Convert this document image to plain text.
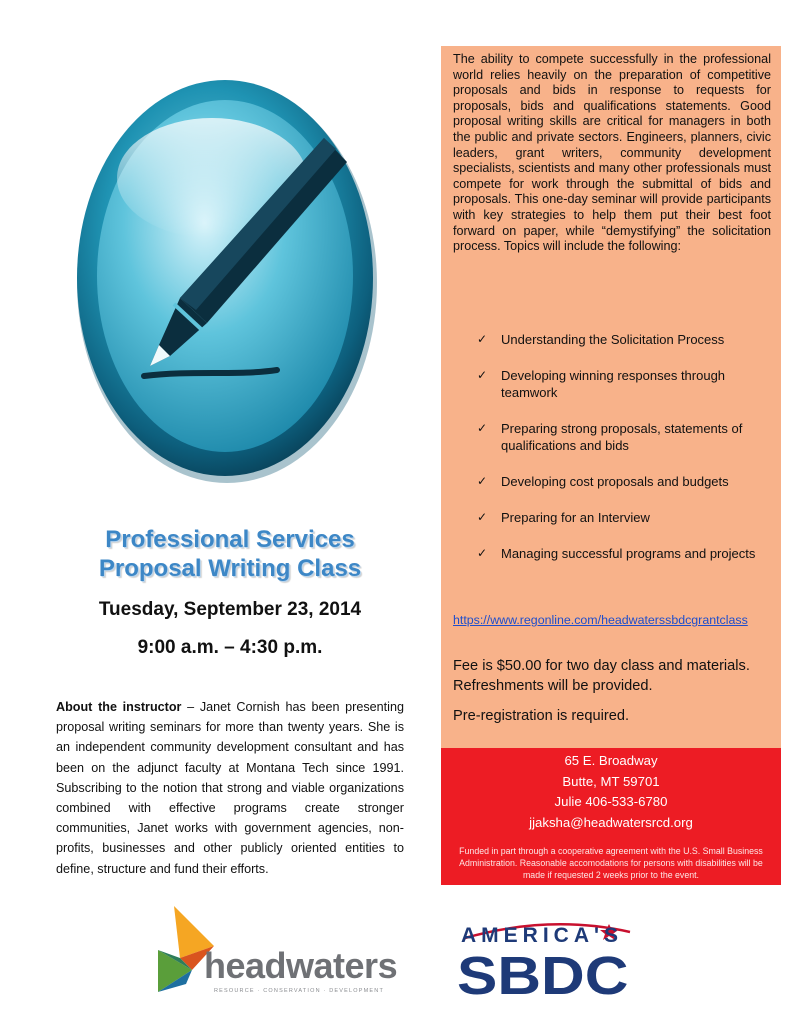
Professional Services
Proposal Writing Class

Tuesday, September 23, 2014

9:00 a.m. – 4:30 p.m.

About the instructor – Janet Cornish has been presenting proposal writing seminars for more than twenty years. She is an independent community development consultant and has been on the adjunct faculty at Montana Tech since 1991. Subscribing to the notion that strong and viable organizations combined with effective programs create stronger communities, Janet works with government agencies, non-profits, businesses and other publicly oriented entities to define, structure and fund their efforts.

The ability to compete successfully in the professional world relies heavily on the preparation of competitive proposals and bids in response to requests for proposals, bids and qualifications statements. Good proposal writing skills are critical for managers in both the public and private sectors. Engineers, planners, civic leaders, grant writers, community development specialists, scientists and many other professionals must compete for work through the submittal of bids and proposals. This one-day seminar will provide participants with key strategies to help them put their best foot forward on paper, while “demystifying” the solicitation process. Topics will include the following:

✓ Understanding the Solicitation Process
✓ Developing winning responses through teamwork
✓ Preparing strong proposals, statements of qualifications and bids
✓ Developing cost proposals and budgets
✓ Preparing for an Interview
✓ Managing successful programs and projects
https://www.regonline.com/headwaterssbdcgrantclass

Fee is $50.00 for two day class and materials. Refreshments will be provided.

Pre-registration is required.

65 E. Broadway
Butte, MT 59701
Julie 406-533-6780
jjaksha@headwatersrcd.org

Funded in part through a cooperative agreement with the U.S. Small Business Administration. Reasonable accomodations for persons with disabilities will be made if requested 2 weeks prior to the event.

headwaters

RESOURCE · CONSERVATION · DEVELOPMENT

AMERICA'S

SBDC
